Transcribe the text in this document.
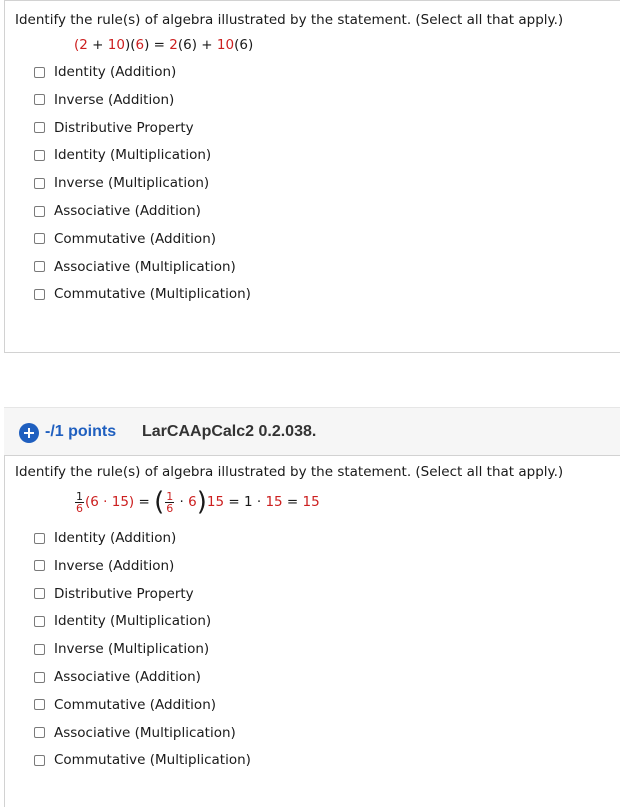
Identify the rule(s) of algebra illustrated by the statement. (Select all that apply.)
(2 + 10)(6) = 2(6) + 10(6)
Identity (Addition)
Inverse (Addition)
Distributive Property
Identity (Multiplication)
Inverse (Multiplication)
Associative (Addition)
Commutative (Addition)
Associative (Multiplication)
Commutative (Multiplication)
-/1 points LarCAApCalc2 0.2.038.
Identify the rule(s) of algebra illustrated by the statement. (Select all that apply.)
$\frac{1}{6} (6 \cdot 15)$ = ( $\frac{1}{6} \cdot 6)15 = 1 \cdot 15 = 15$
Identity (Addition)
Inverse (Addition)
Distributive Property
Identity (Multiplication)
Inverse (Multiplication)
Associative (Addition)
Commutative (Addition)
Associative (Multiplication)
Commutative (Multiplication)
